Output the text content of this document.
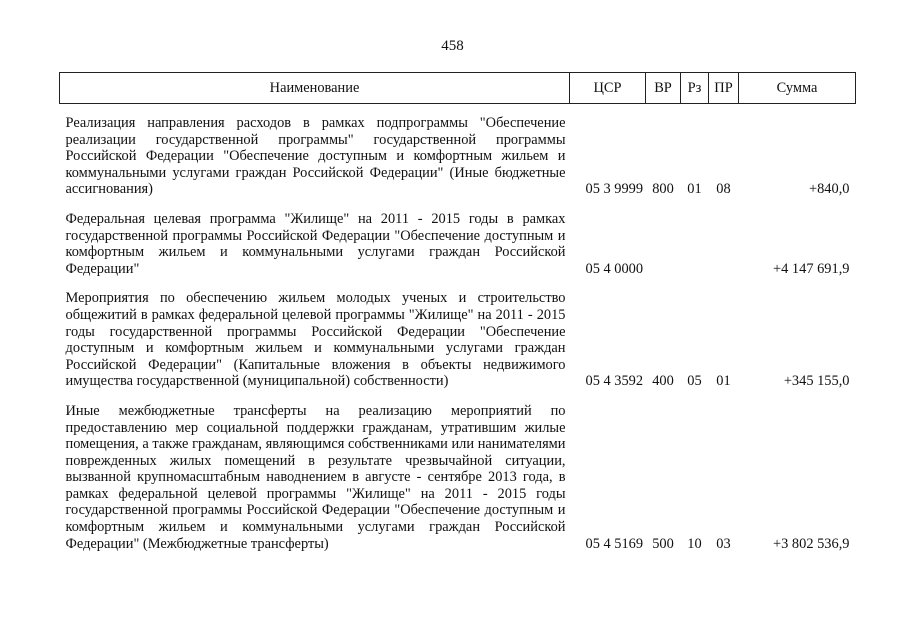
458
Наименование	ЦСР	ВР	Рз	ПР	Сумма
Реализация направления расходов в рамках подпрограммы "Обеспечение реализации государственной программы" государственной программы Российской Федерации "Обеспечение доступным и комфортным жильем и коммунальными услугами граждан Российской Федерации" (Иные бюджетные ассигнования)	05 3 9999	800	01	08	+840,0
Федеральная целевая программа "Жилище" на 2011 - 2015 годы в рамках государственной программы Российской Федерации "Обеспечение доступным и комфортным жильем и коммунальными услугами граждан Российской Федерации"	05 4 0000				+4 147 691,9
Мероприятия по обеспечению жильем молодых ученых и строительство общежитий в рамках федеральной целевой программы "Жилище" на 2011 - 2015 годы государственной программы Российской Федерации "Обеспечение доступным и комфортным жильем и коммунальными услугами граждан Российской Федерации" (Капитальные вложения в объекты недвижимого имущества государственной (муниципальной) собственности)	05 4 3592	400	05	01	+345 155,0
Иные межбюджетные трансферты на реализацию мероприятий по предоставлению мер социальной поддержки гражданам, утратившим жилые помещения, а также гражданам, являющимся собственниками или нанимателями поврежденных жилых помещений в результате чрезвычайной ситуации, вызванной крупномасштабным наводнением в августе - сентябре 2013 года, в рамках федеральной целевой программы "Жилище" на 2011 - 2015 годы государственной программы Российской Федерации "Обеспечение доступным и комфортным жильем и коммунальными услугами граждан Российской Федерации" (Межбюджетные трансферты)	05 4 5169	500	10	03	+3 802 536,9
